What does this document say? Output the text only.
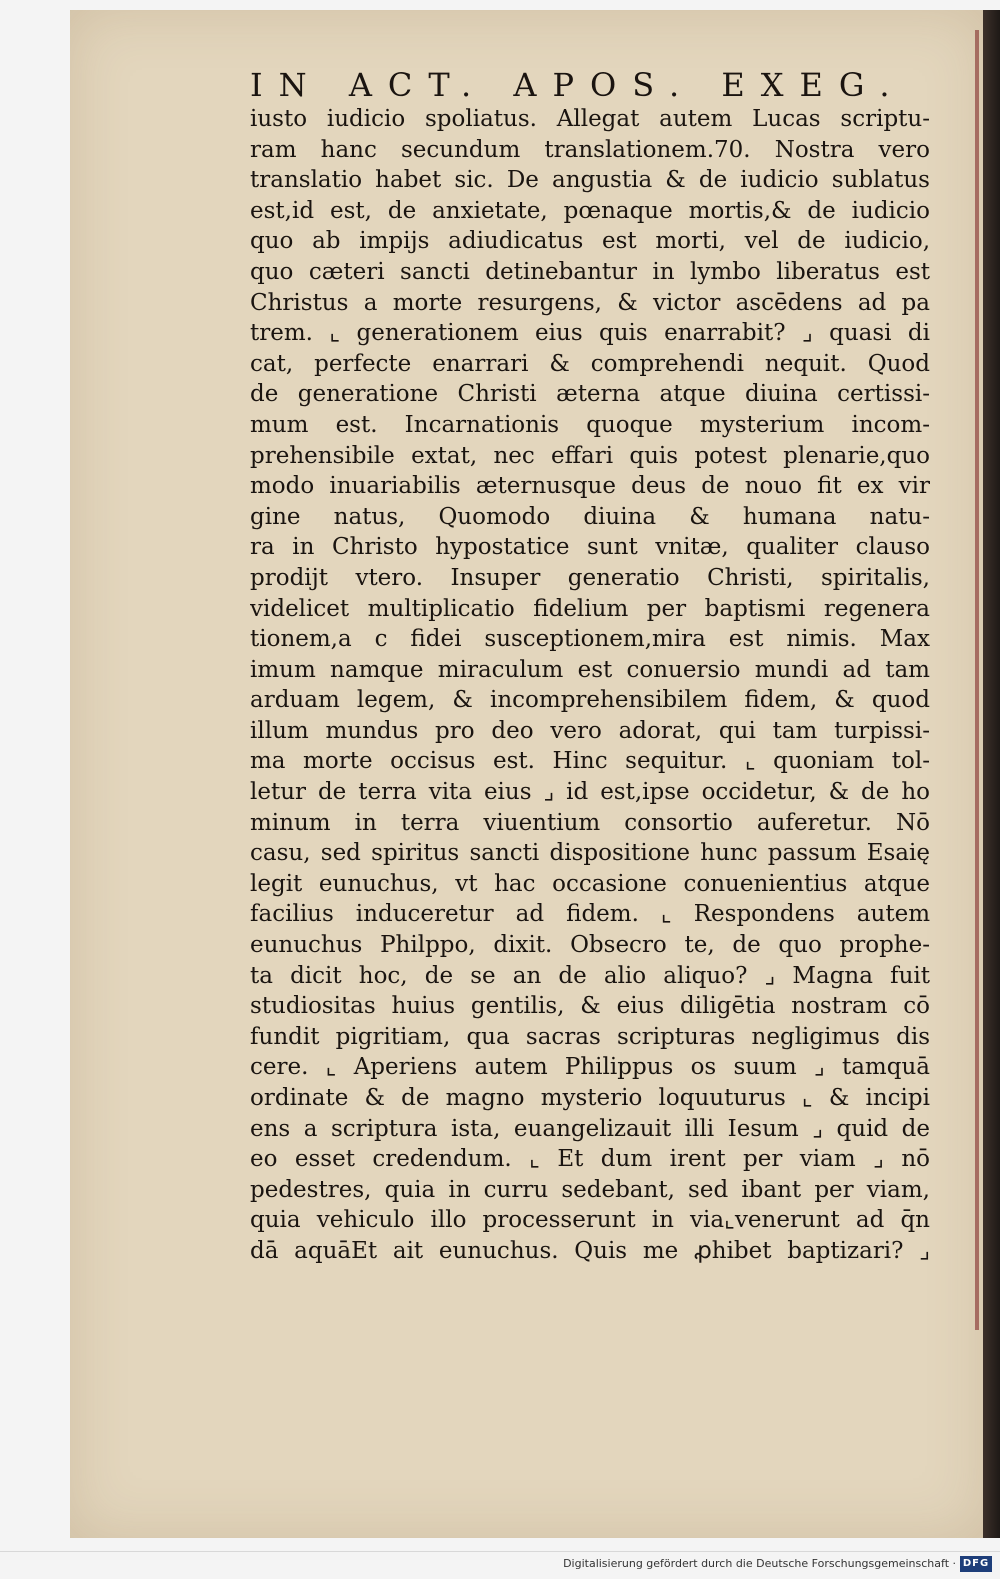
IN ACT. APOS. EXEG.
iusto iudicio spoliatus. Allegat autem Lucas scriptu-
ram hanc secundum translationem.70. Nostra vero
translatio habet sic. De angustia & de iudicio sublatus
est,id est, de anxietate, pœnaque mortis,& de iudicio
quo ab impijs adiudicatus est morti, vel de iudicio,
quo cæteri sancti detinebantur in lymbo liberatus est
Christus a morte resurgens, & victor ascēdens ad pa
trem. ⌞ generationem eius quis enarrabit? ⌟ quasi di
cat, perfecte enarrari & comprehendi nequit. Quod
de generatione Christi æterna atque diuina certissi-
mum est. Incarnationis quoque mysterium incom-
prehensibile extat, nec effari quis potest plenarie,quo
modo inuariabilis æternusque deus de nouo fit ex vir
gine natus, Quomodo diuina & humana natu-
ra in Christo hypostatice sunt vnitæ, qualiter clauso
prodijt vtero. Insuper generatio Christi, spiritalis,
videlicet multiplicatio fidelium per baptismi regenera
tionem,a c fidei susceptionem,mira est nimis. Max
imum namque miraculum est conuersio mundi ad tam
arduam legem, & incomprehensibilem fidem, & quod
illum mundus pro deo vero adorat, qui tam turpissi-
ma morte occisus est. Hinc sequitur. ⌞ quoniam tol-
letur de terra vita eius ⌟ id est,ipse occidetur, & de ho
minum in terra viuentium consortio auferetur. Nō
casu, sed spiritus sancti dispositione hunc passum Esaię
legit eunuchus, vt hac occasione conuenientius atque
facilius induceretur ad fidem. ⌞ Respondens autem
eunuchus Philppo, dixit. Obsecro te, de quo prophe-
ta dicit hoc, de se an de alio aliquo? ⌟ Magna fuit
studiositas huius gentilis, & eius diligētia nostram cō
fundit pigritiam, qua sacras scripturas negligimus dis
cere. ⌞ Aperiens autem Philippus os suum ⌟ tamquā
ordinate & de magno mysterio loquuturus ⌞ & incipi
ens a scriptura ista, euangelizauit illi Iesum ⌟ quid de
eo esset credendum. ⌞ Et dum irent per viam ⌟ nō
pedestres, quia in curru sedebant, sed ibant per viam,
quia vehiculo illo processerunt in via⌞venerunt ad q̄n
dā aquāEt ait eunuchus. Quis me ꝓhibet baptizari? ⌟
Digitalisierung gefördert durch die Deutsche Forschungsgemeinschaft · DFG
